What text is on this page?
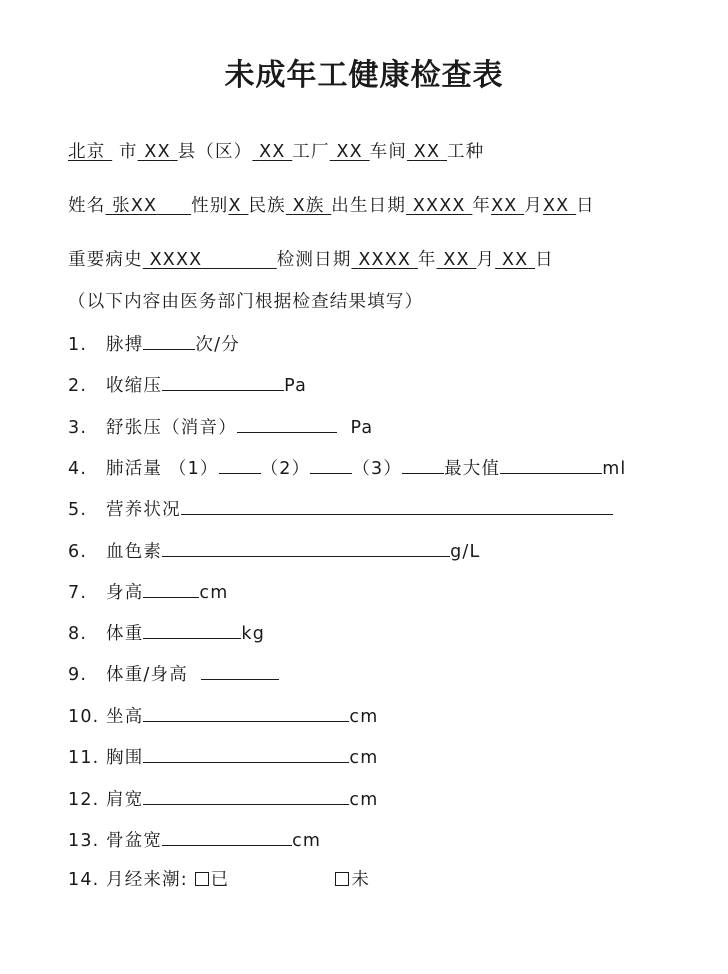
未成年工健康检查表
北京 市 XX 县（区） XX 工厂 XX 车间 XX 工种
姓名 张XX 性别X 民族 X族 出生日期 XXXX 年XX 月XX 日
重要病史 XXXX	检测日期 XXXX 年 XX 月 XX 日
（以下内容由医务部门根据检查结果填写）
1. 脉搏	次/分
2. 收缩压	Pa
3. 舒张压（消音）	Pa
4. 肺活量 （1） （2） （3） 最大值	ml
5. 营养状况
6. 血色素	g/L
7. 身高	cm
8. 体重	kg
9. 体重/身高
10. 坐高	cm
11. 胸围	cm
12. 肩宽	cm
13. 骨盆宽	cm
14. 月经来潮: 已	未
